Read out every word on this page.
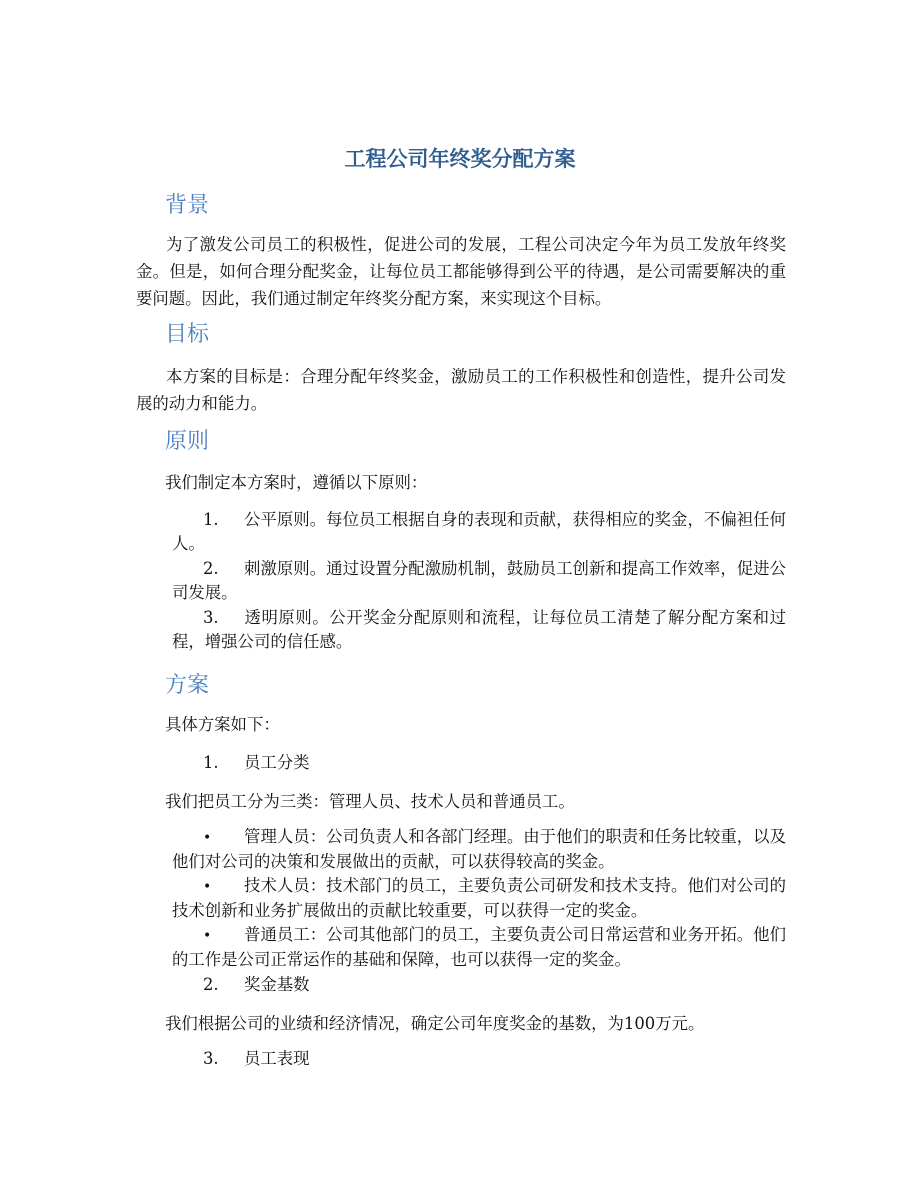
工程公司年终奖分配方案
背景

为了激发公司员工的积极性，促进公司的发展，工程公司决定今年为员工发放年终奖金。但是，如何合理分配奖金，让每位员工都能够得到公平的待遇，是公司需要解决的重要问题。因此，我们通过制定年终奖分配方案，来实现这个目标。

目标

本方案的目标是：合理分配年终奖金，激励员工的工作积极性和创造性，提升公司发展的动力和能力。

原则

我们制定本方案时，遵循以下原则：

1. 公平原则。每位员工根据自身的表现和贡献，获得相应的奖金，不偏袒任何人。

2. 刺激原则。通过设置分配激励机制，鼓励员工创新和提高工作效率，促进公司发展。

3. 透明原则。公开奖金分配原则和流程，让每位员工清楚了解分配方案和过程，增强公司的信任感。

方案

具体方案如下：

1. 员工分类

我们把员工分为三类：管理人员、技术人员和普通员工。

• 管理人员：公司负责人和各部门经理。由于他们的职责和任务比较重，以及他们对公司的决策和发展做出的贡献，可以获得较高的奖金。

• 技术人员：技术部门的员工，主要负责公司研发和技术支持。他们对公司的技术创新和业务扩展做出的贡献比较重要，可以获得一定的奖金。

• 普通员工：公司其他部门的员工，主要负责公司日常运营和业务开拓。他们的工作是公司正常运作的基础和保障，也可以获得一定的奖金。

2. 奖金基数

我们根据公司的业绩和经济情况，确定公司年度奖金的基数，为100万元。

3. 员工表现
